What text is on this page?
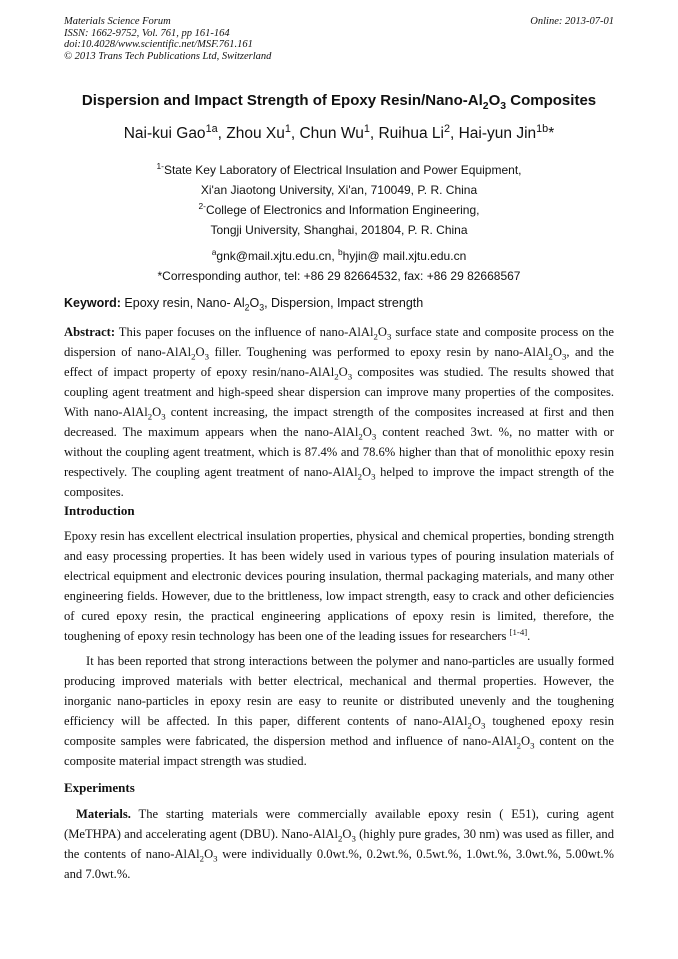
Materials Science Forum
ISSN: 1662-9752, Vol. 761, pp 161-164
doi:10.4028/www.scientific.net/MSF.761.161
© 2013 Trans Tech Publications Ltd, Switzerland
Online: 2013-07-01
Dispersion and Impact Strength of Epoxy Resin/$Nano-Al_2O_3$ Composites
Nai-kui Gao$^{1a}$, Zhou Xu$^1$, Chun Wu$^1$, Ruihua Li$^2$, Hai-yun Jin$^{1b}$*
$^{1-}$State Key Laboratory of Electrical Insulation and Power Equipment,
Xi'an Jiaotong University, Xi'an, 710049, P. R. China
$^{2-}$College of Electronics and Information Engineering,
Tongji University, Shanghai, 201804, P. R. China
$^a$gnk@mail.xjtu.edu.cn, $^b$hyjin@ mail.xjtu.edu.cn
*Corresponding author, tel: +86 29 82664532, fax: +86 29 82668567
Keyword: Epoxy resin, Nano- $Al_2O_3$, Dispersion, Impact strength
Abstract: This paper focuses on the influence of nano-$AlAl_2O_3$ surface state and composite process on the dispersion of nano-$AlAl_2O_3$ filler. Toughening was performed to epoxy resin by nano-$AlAl_2O_3$, and the effect of impact property of epoxy resin/$nano-AlAl_2O_3$ composites was studied. The results showed that coupling agent treatment and high-speed shear dispersion can improve many properties of the composites. With nano-$AlAl_2O_3$ content increasing, the impact strength of the composites increased at first and then decreased. The maximum appears when the nano-$AlAl_2O_3$ content reached 3wt. %, no matter with or without the coupling agent treatment, which is 87.4% and 78.6% higher than that of monolithic epoxy resin respectively. The coupling agent treatment of nano-$AlAl_2O_3$ helped to improve the impact strength of the composites.
Introduction
Epoxy resin has excellent electrical insulation properties, physical and chemical properties, bonding strength and easy processing properties. It has been widely used in various types of pouring insulation materials of electrical equipment and electronic devices pouring insulation, thermal packaging materials, and many other engineering fields. However, due to the brittleness, low impact strength, easy to crack and other deficiencies of cured epoxy resin, the practical engineering applications of epoxy resin is limited, therefore, the toughening of epoxy resin technology has been one of the leading issues for researchers [1-4].
It has been reported that strong interactions between the polymer and nano-particles are usually formed producing improved materials with better electrical, mechanical and thermal properties. However, the inorganic nano-particles in epoxy resin are easy to reunite or distributed unevenly and the toughening efficiency will be affected. In this paper, different contents of nano-$AlAl_2O_3$ toughened epoxy resin composite samples were fabricated, the dispersion method and influence of nano-$AlAl_2O_3$ content on the composite material impact strength was studied.
Experiments
Materials. The starting materials were commercially available epoxy resin ( E51), curing agent (MeTHPA) and accelerating agent (DBU). Nano-$AlAl_2O_3$ (highly pure grades, 30 nm) was used as filler, and the contents of nano-$AlAl_2O_3$ were individually 0.0wt.%, 0.2wt.%, 0.5wt.%, 1.0wt.%, 3.0wt.%, 5.00wt.% and 7.0wt.%.
